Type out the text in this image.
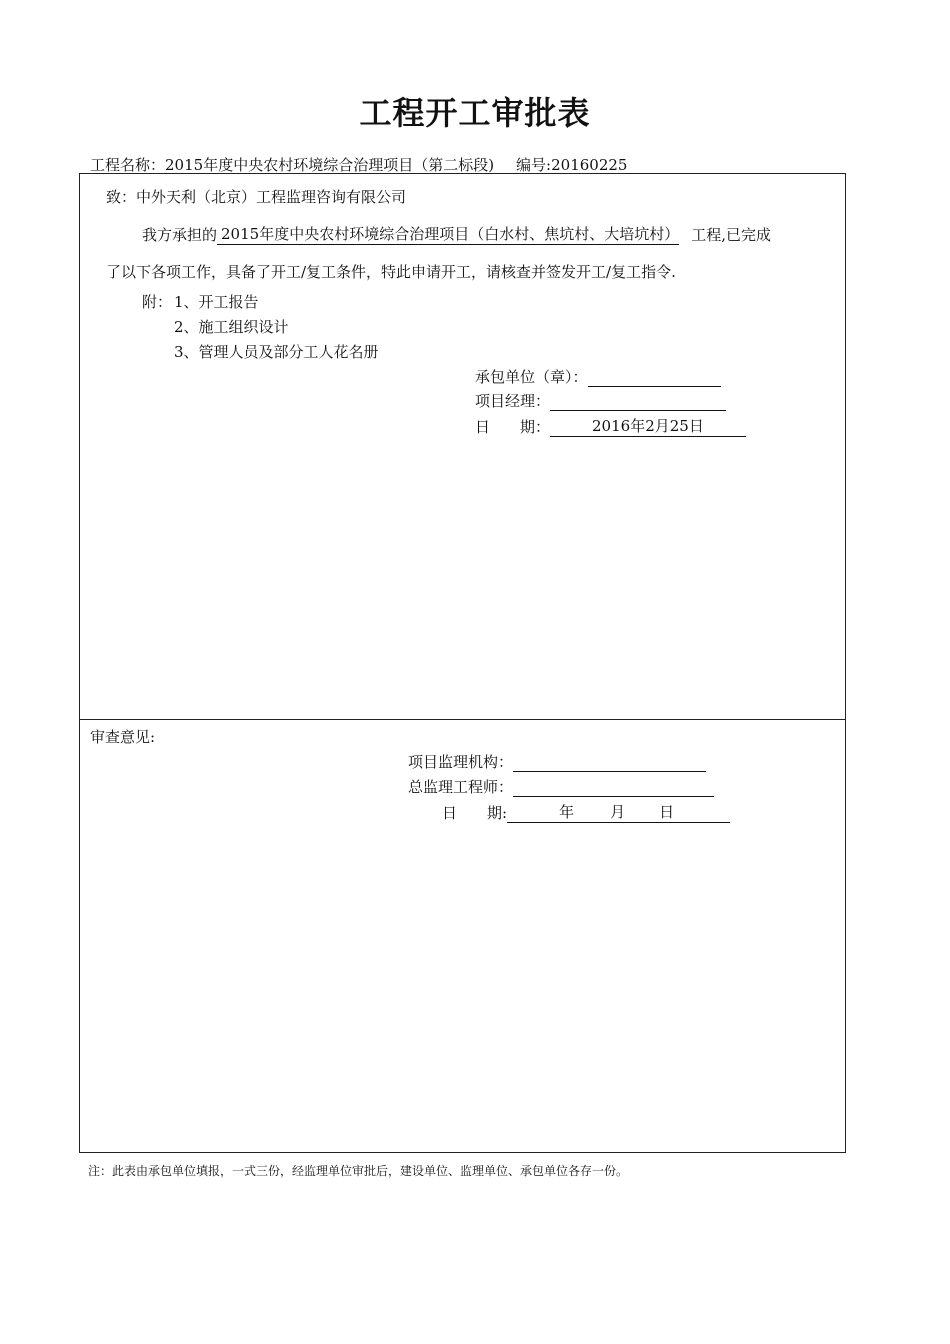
工程开工审批表
工程名称：2015年度中央农村环境综合治理项目（第二标段) 编号:20160225
致：中外天利（北京）工程监理咨询有限公司
我方承担的 2015年度中央农村环境综合治理项目（白水村、焦坑村、大培坑村） 工程,已完成
了以下各项工作，具备了开工/复工条件，特此申请开工，请核查并签发开工/复工指令.
附： 1、开工报告
2、施工组织设计
3、管理人员及部分工人花名册
承包单位（章）：
项目经理：
日　　期：	2016年2月25日
审查意见:
项目监理机构：
总监理工程师：
日　　期:	年 月 日
注：此表由承包单位填报，一式三份，经监理单位审批后，建设单位、监理单位、承包单位各存一份。
